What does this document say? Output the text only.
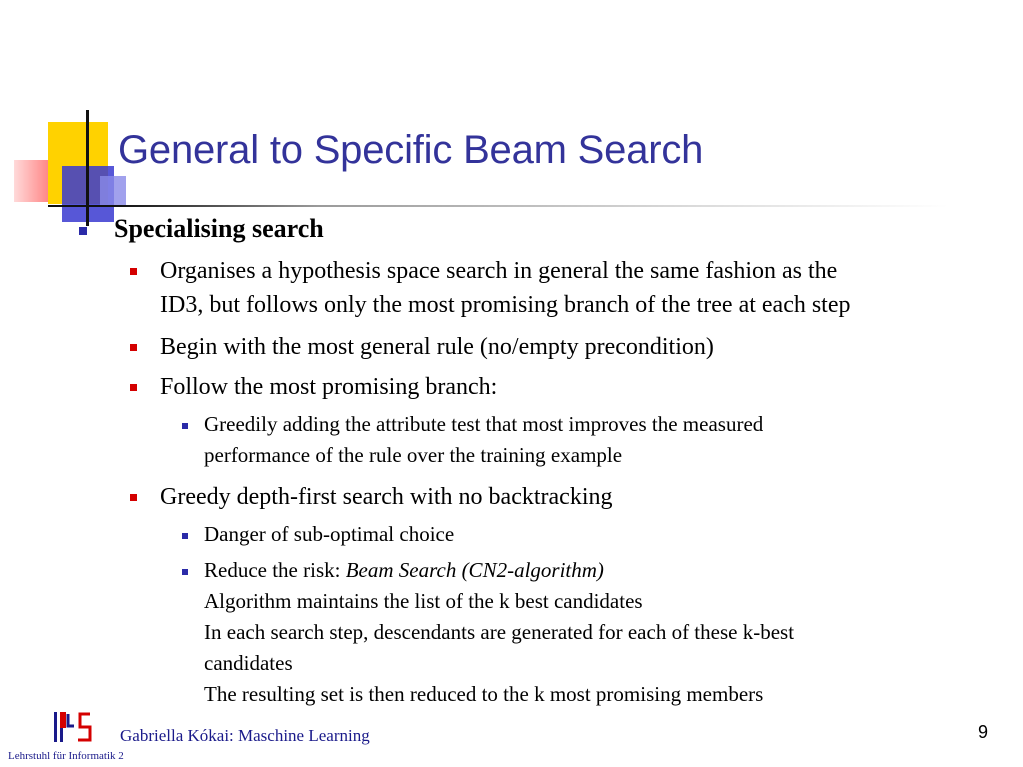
General to Specific Beam Search
Specialising search
Organises a hypothesis space search in general the same fashion as the
ID3, but follows only the most promising branch of the tree at each step
Begin with the most general rule (no/empty precondition)
Follow the most promising branch:
Greedily adding the attribute test that most improves the measured
performance of the rule over the training example
Greedy depth-first search with no backtracking
Danger of sub-optimal choice
Reduce the risk: Beam Search (CN2-algorithm)
Algorithm maintains the list of the k best candidates
In each search step, descendants are generated for each of these k-best
candidates
The resulting set is then reduced to the k most promising members
Gabriella Kókai: Maschine Learning
Lehrstuhl für Informatik 2
9
